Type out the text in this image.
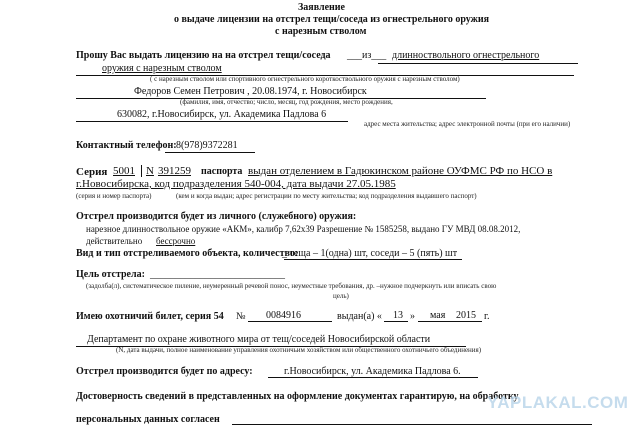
Заявление
о выдаче лицензии на отстрел тещи/соседа из огнестрельного оружия
с нарезным стволом
Прошу Вас выдать лицензию на на отстрел тещи/соседа ___из___ длинноствольного огнестрельного
оружия с нарезным стволом
( с нарезным стволом или спортивного огнестрельного короткоствольного оружия с нарезным стволом)
Федоров Семен Петрович , 20.08.1974, г. Новосибирск
(фамилия, имя, отчество; число, месяц, год рождения, место рождения,
630082, г.Новосибирск, ул. Академика Падлова 6
адрес места жительства; адрес электронной почты (при его наличии)
Контактный телефон: 8(978)9372281
Серия 5001 N 391259 паспорта выдан отделением в Гадюкинском районе ОУФМС РФ по НСО в
г.Новосибирска, код подразделения 540-004, дата выдачи 27.05.1985
(серия и номер паспорта)	(кем и когда выдан; адрес регистрации по месту жительства; код подразделения выдавшего паспорт)
Отстрел производится будет из личного (служебного) оружия:
нарезное длинноствольное оружие «АКМ», калибр 7,62х39 Разрешение № 1585258, выдано ГУ МВД 08.08.2012,
действительно бессрочно
Вид и тип отстреливаемого объекта, количество:
_ теща – 1(одна) шт, соседи – 5 (пять) шт
Цель отстрела: ___________________________
(задолба(л), систематическое пиление, неумеренный речевой понос, неуместные требования, др. –нужное подчеркнуть или вписать свою
цель)
Имею охотничий билет, серия 54 № 0084916	выдан(а) « 13 » мая 2015 г.
Департамент по охране животного мира от тещ/соседей Новосибирской области
(N, дата выдачи, полное наименование управления охотничьим хозяйством или общественного охотничьего объединения)
Отстрел производится будет по адресу:	г.Новосибирск, ул. Академика Падлова 6.
Достоверность сведений в представленных на оформление документах гарантирую, на обработку
персональных данных согласен
YAPLAKAL.COM
